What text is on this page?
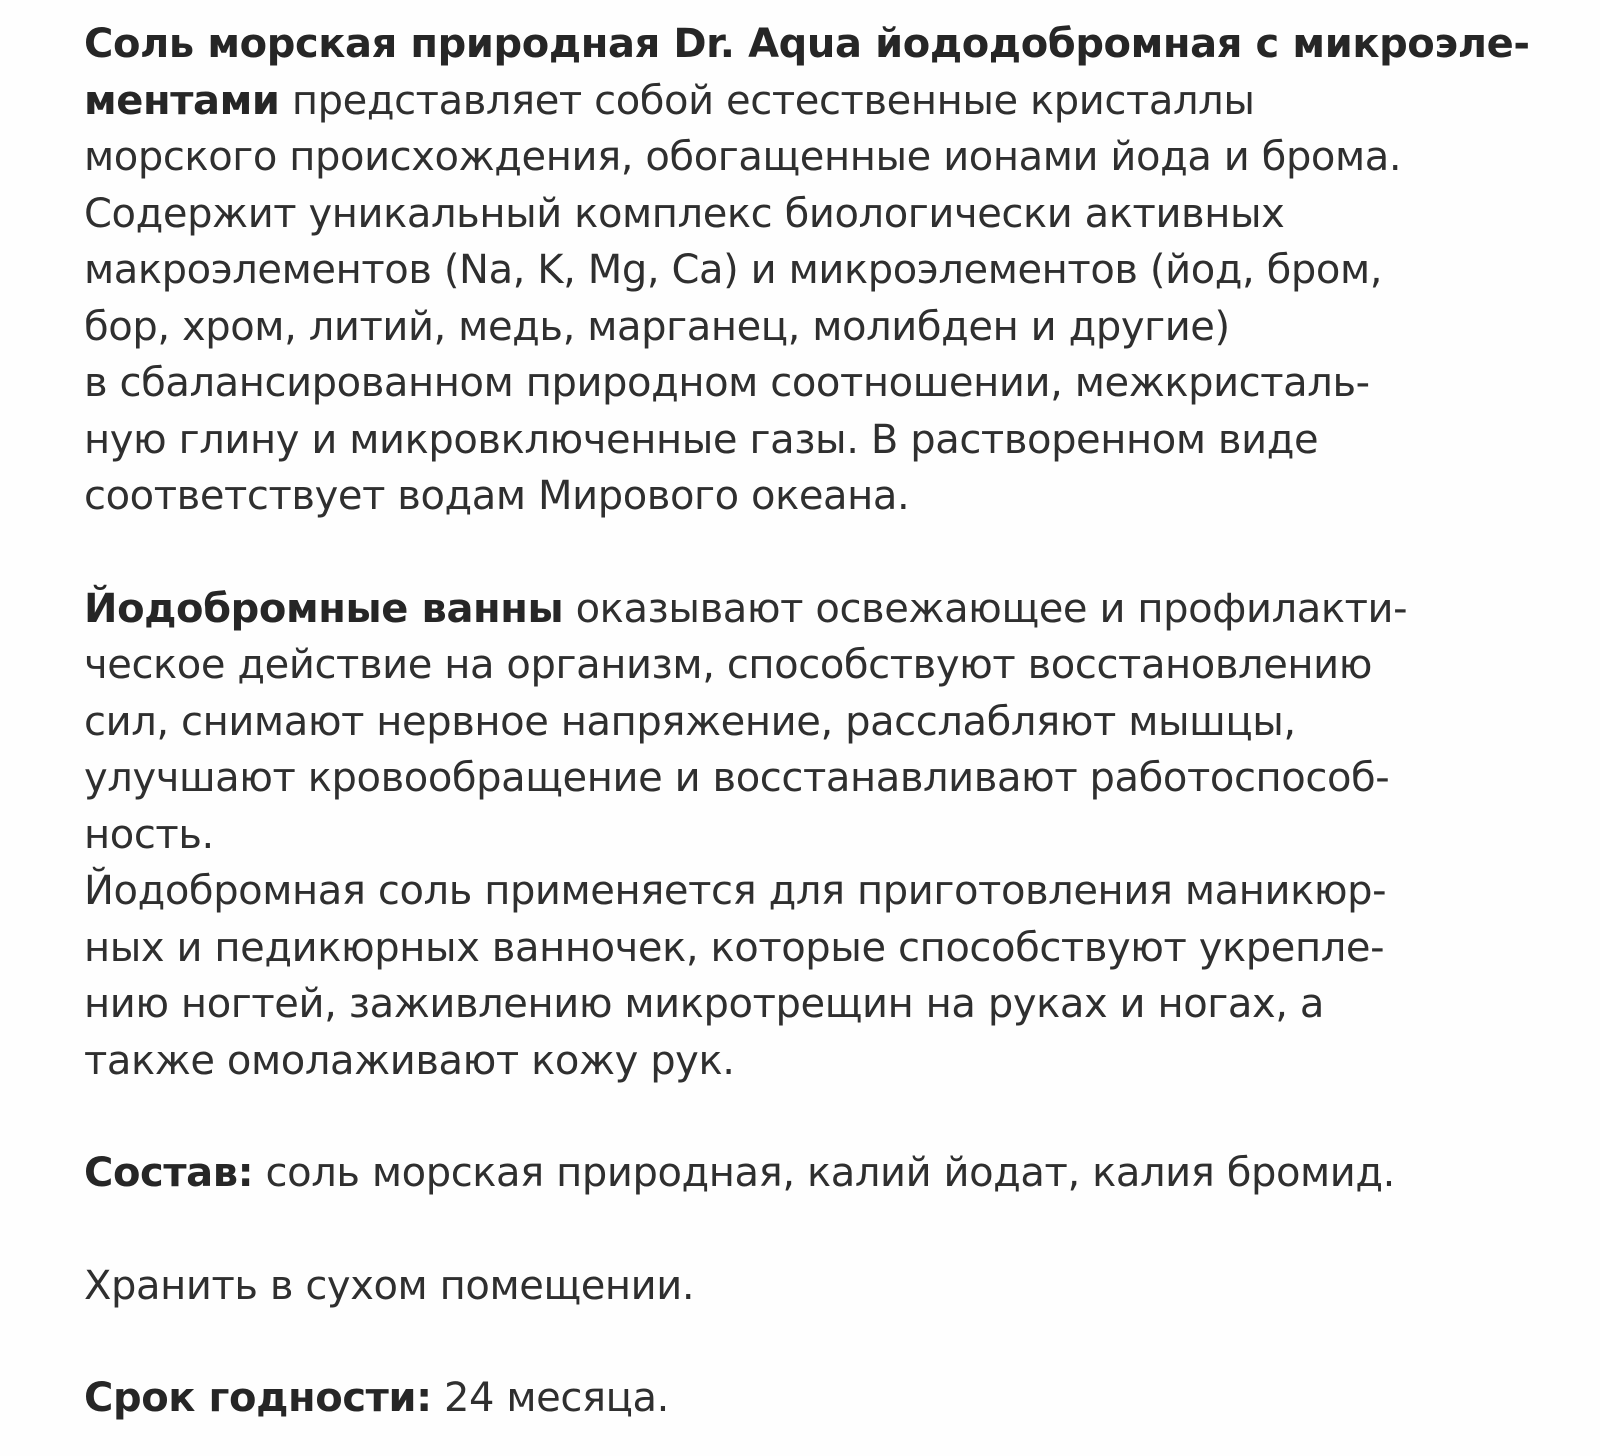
Соль морская природная Dr. Aqua йододобромная с микроэле-
ментами представляет собой естественные кристаллы
морского происхождения, обогащенные ионами йода и брома.
Содержит уникальный комплекс биологически активных
макроэлементов (Na, K, Mg, Ca) и микроэлементов (йод, бром,
бор, хром, литий, медь, марганец, молибден и другие)
в сбалансированном природном соотношении, межкристаль-
ную глину и микровключенные газы. В растворенном виде
соответствует водам Мирового океана.

Йодобромные ванны оказывают освежающее и профилакти-
ческое действие на организм, способствуют восстановлению
сил, снимают нервное напряжение, расслабляют мышцы,
улучшают кровообращение и восстанавливают работоспособ-
ность.

Йодобромная соль применяется для приготовления маникюр-
ных и педикюрных ванночек, которые способствуют укрепле-
нию ногтей, заживлению микротрещин на руках и ногах, а
также омолаживают кожу рук.

Состав: соль морская природная, калий йодат, калия бромид.

Хранить в сухом помещении.

Срок годности: 24 месяца.
